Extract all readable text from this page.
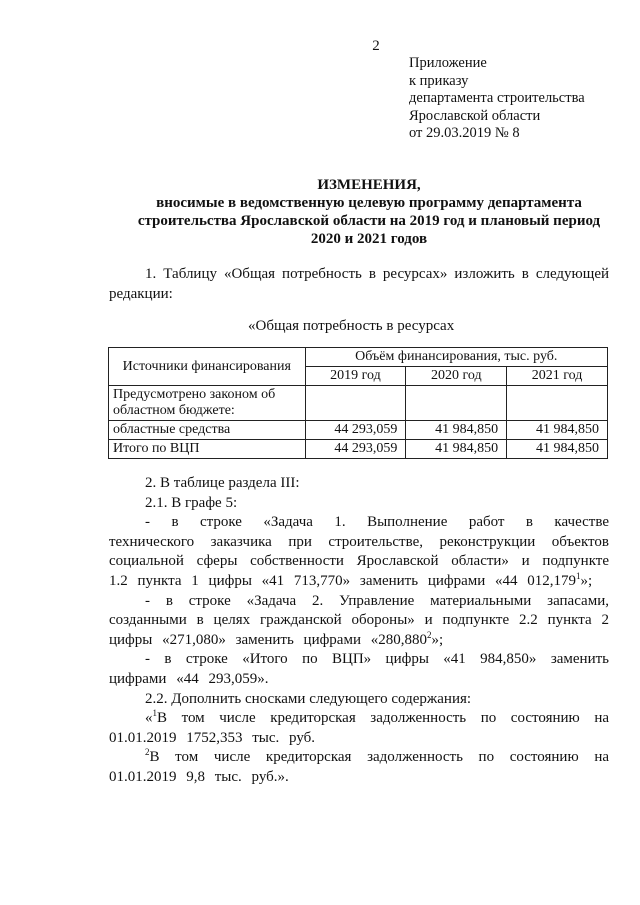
2
Приложение
к приказу
департамента строительства
Ярославской области
от 29.03.2019 № 8
ИЗМЕНЕНИЯ,
вносимые в ведомственную целевую программу департамента
строительства Ярославской области на 2019 год и плановый период
2020 и 2021 годов
1. Таблицу «Общая потребность в ресурсах» изложить в следующей редакции:
«Общая потребность в ресурсах
Источники финансирования	Объём финансирования, тыс. руб.		
	2019 год	2020 год	2021 год
Предусмотрено законом об областном бюджете:			
областные средства	44 293,059	41 984,850	41 984,850
Итого по ВЦП	44 293,059	41 984,850	41 984,850

2. В таблице раздела III:

2.1. В графе 5:

- в строке «Задача 1. Выполнение работ в качестве технического заказчика при строительстве, реконструкции объектов социальной сферы собственности Ярославской области» и подпункте 1.2 пункта 1 цифры «41 713,770» заменить цифрами «44 012,179$^1$»;

- в строке «Задача 2. Управление материальными запасами, созданными в целях гражданской обороны» и подпункте 2.2 пункта 2 цифры «271,080» заменить цифрами «280,880$^2$»;

- в строке «Итого по ВЦП» цифры «41 984,850» заменить цифрами «44 293,059».

2.2. Дополнить сносками следующего содержания:

«$^1$В том числе кредиторская задолженность по состоянию на 01.01.2019 1752,353 тыс. руб.

$^2$В том числе кредиторская задолженность по состоянию на 01.01.2019 9,8 тыс. руб.».
